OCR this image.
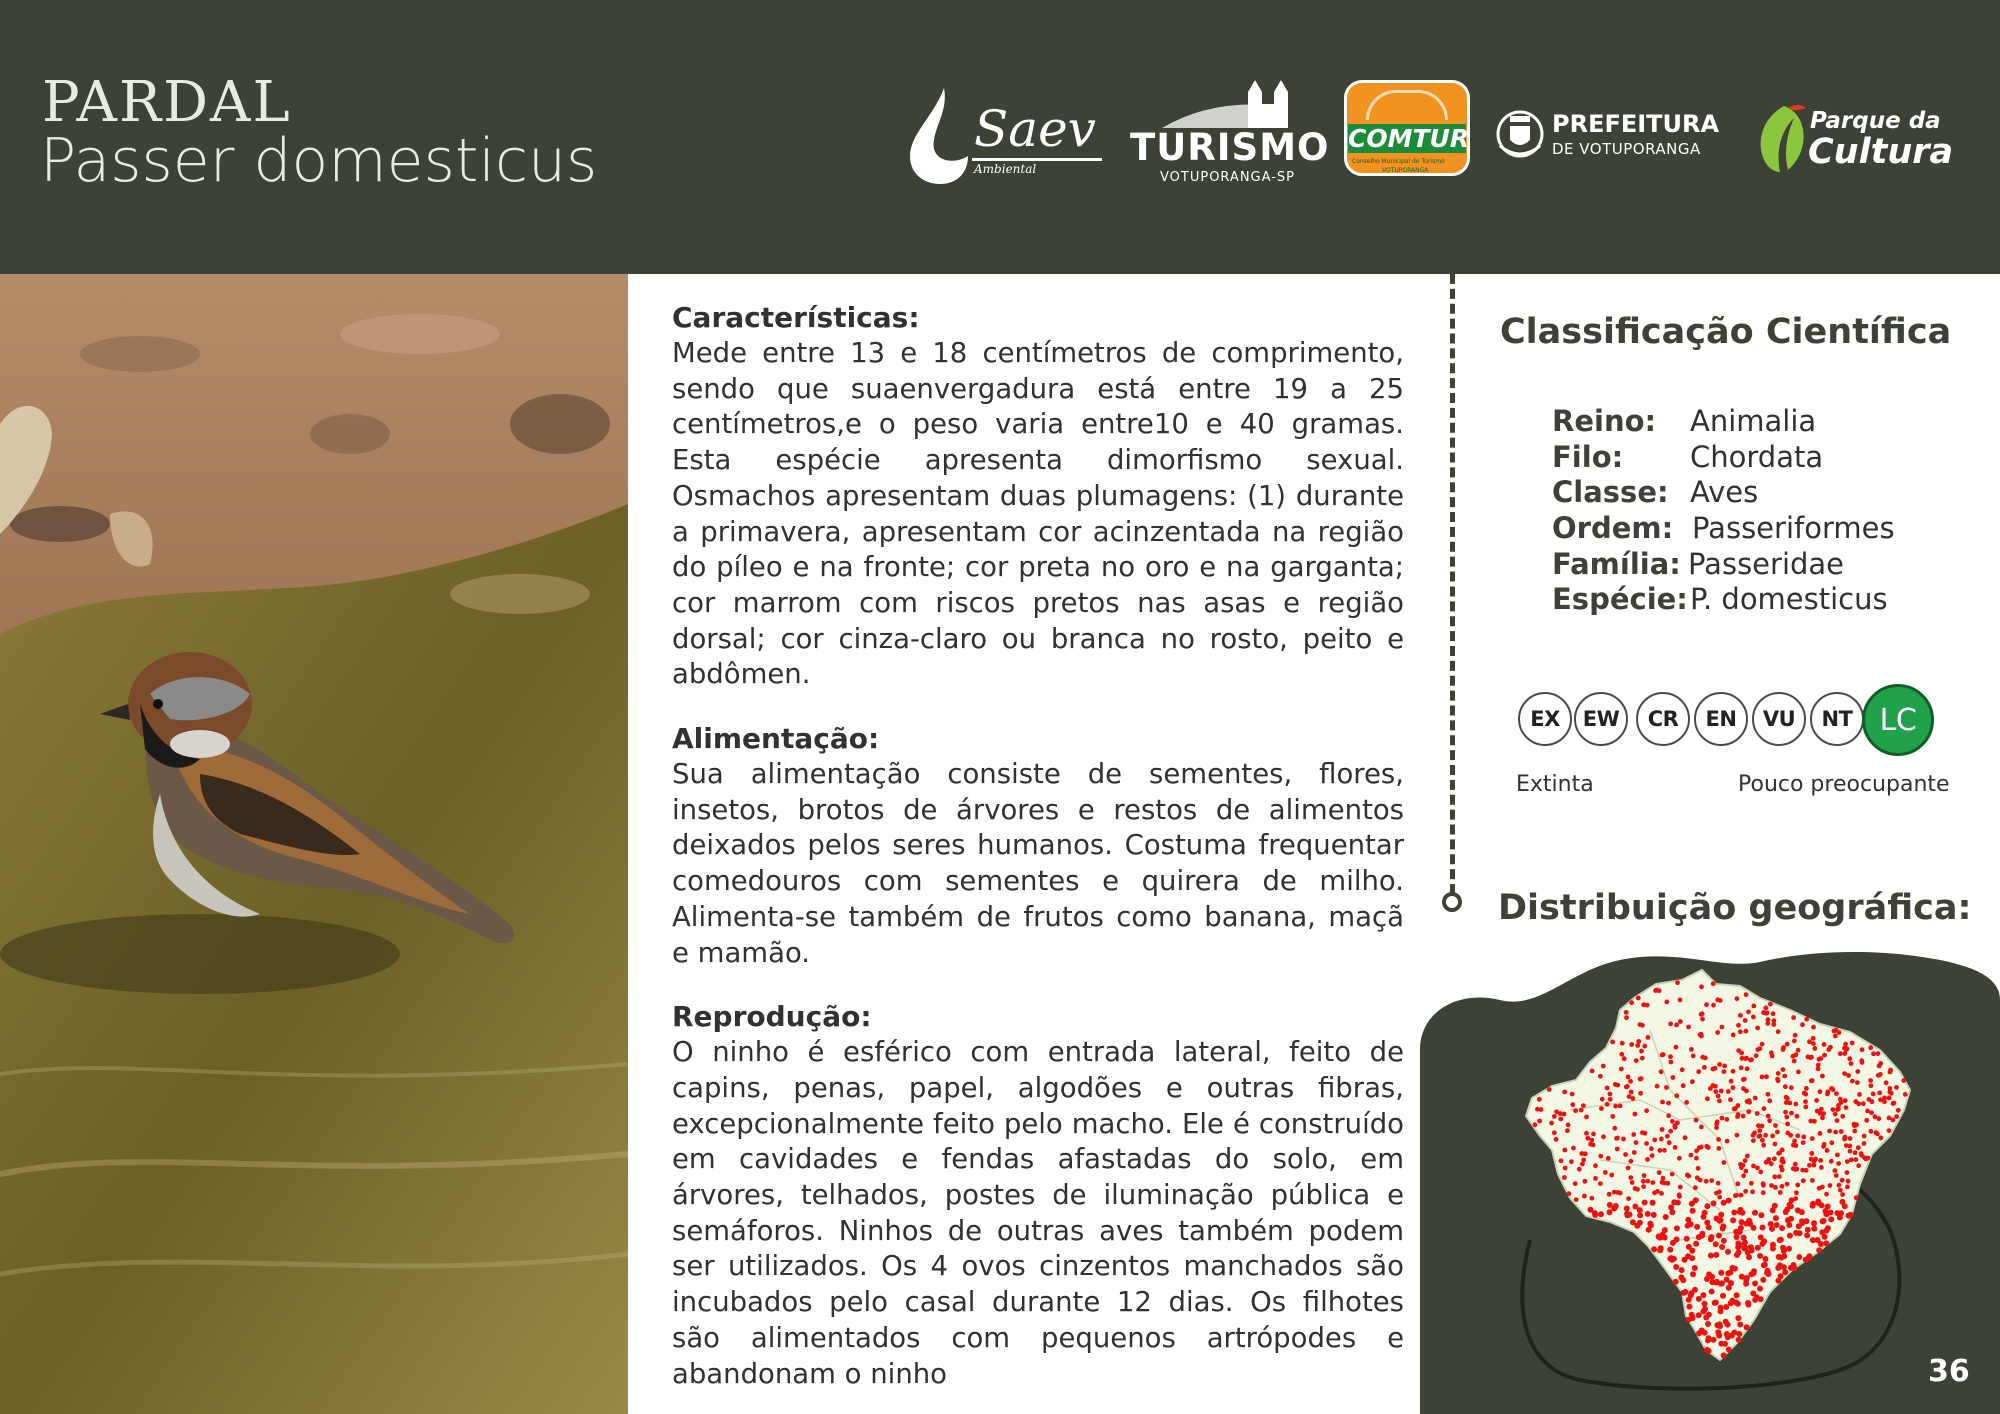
PARDAL
Passer domesticus	Saev
Ambiental	TURISMO
VOTUPORANGA-SP
COMTUR
Conselho Municipal de Turismo
VOTUPORANGA
PREFEITURA
DE VOTUPORANGA
Parque da
Cultura
Características:
Mede entre 13 e 18 centímetros de comprimento, sendo que suaenvergadura está entre 19 a 25 centímetros,e o peso varia entre10 e 40 gramas. Esta espécie apresenta dimorfismo sexual. Osmachos apresentam duas plumagens: (1) durante a primavera, apresentam cor acinzentada na região do píleo e na fronte; cor preta no oro e na garganta; cor marrom com riscos pretos nas asas e região dorsal; cor cinza-claro ou branca no rosto, peito e abdômen.
Alimentação:
Sua alimentação consiste de sementes, flores, insetos, brotos de árvores e restos de alimentos deixados pelos seres humanos. Costuma frequentar comedouros com sementes e quirera de milho. Alimenta-se também de frutos como banana, maçã e mamão.
Reprodução:
O ninho é esférico com entrada lateral, feito de capins, penas, papel, algodões e outras fibras, excepcionalmente feito pelo macho. Ele é construído em cavidades e fendas afastadas do solo, em árvores, telhados, postes de iluminação pública e semáforos. Ninhos de outras aves também podem ser utilizados. Os 4 ovos cinzentos manchados são incubados pelo casal durante 12 dias. Os filhotes são alimentados com pequenos artrópodes e abandonam o ninho
Classificação Científica
Reino: Animalia
Filo: Chordata
Classe: Aves
Ordem: Passeriformes
Família: Passeridae
Espécie: P. domesticus
EX	EW	CR	EN	VU	NT LC
Extinta	Pouco preocupante
Distribuição geográfica:
36
